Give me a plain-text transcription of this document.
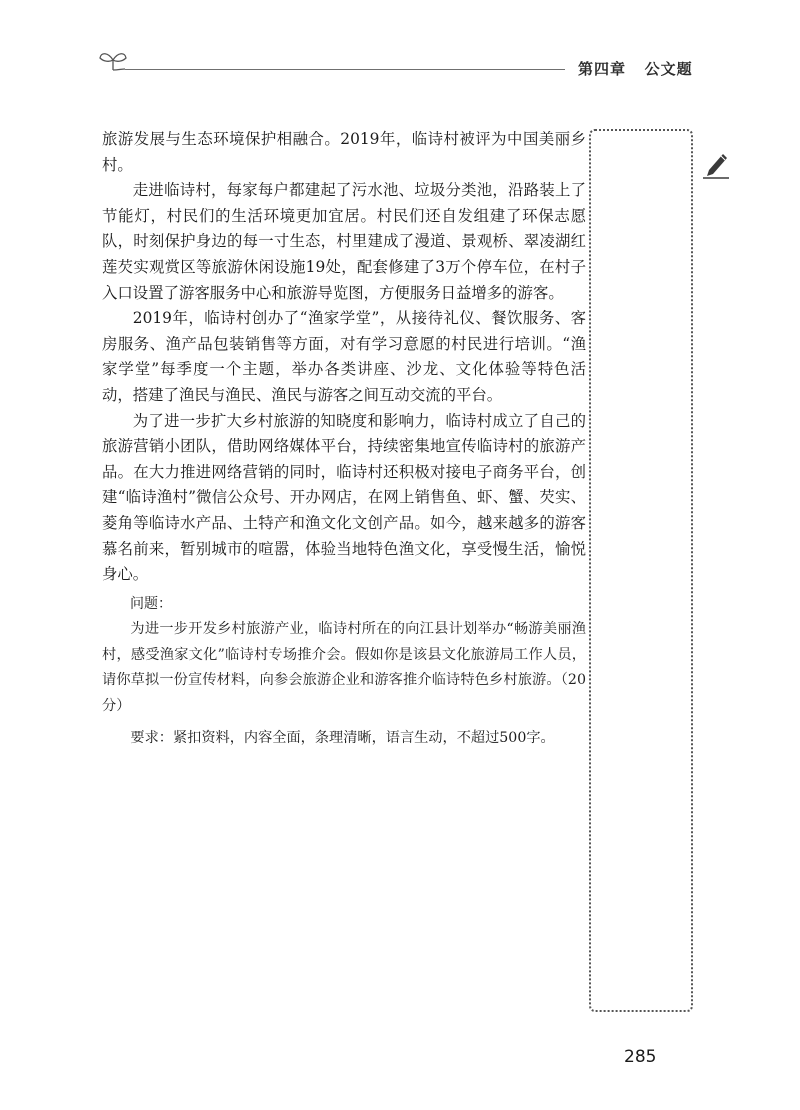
第四章   公文题

旅游发展与生态环境保护相融合。2019年，临诗村被评为中国美丽乡村。

走进临诗村，每家每户都建起了污水池、垃圾分类池，沿路装上了节能灯，村民们的生活环境更加宜居。村民们还自发组建了环保志愿队，时刻保护身边的每一寸生态，村里建成了漫道、景观桥、翠凌湖红莲芡实观赏区等旅游休闲设施19处，配套修建了3万个停车位，在村子入口设置了游客服务中心和旅游导览图，方便服务日益增多的游客。

2019年，临诗村创办了“渔家学堂”，从接待礼仪、餐饮服务、客房服务、渔产品包装销售等方面，对有学习意愿的村民进行培训。“渔家学堂”每季度一个主题，举办各类讲座、沙龙、文化体验等特色活动，搭建了渔民与渔民、渔民与游客之间互动交流的平台。

为了进一步扩大乡村旅游的知晓度和影响力，临诗村成立了自己的旅游营销小团队，借助网络媒体平台，持续密集地宣传临诗村的旅游产品。在大力推进网络营销的同时，临诗村还积极对接电子商务平台，创建“临诗渔村”微信公众号、开办网店，在网上销售鱼、虾、蟹、芡实、菱角等临诗水产品、土特产和渔文化文创产品。如今，越来越多的游客慕名前来，暂别城市的喧嚣，体验当地特色渔文化，享受慢生活，愉悦身心。

问题：

为进一步开发乡村旅游产业，临诗村所在的向江县计划举办“畅游美丽渔村，感受渔家文化”临诗村专场推介会。假如你是该县文化旅游局工作人员，请你草拟一份宣传材料，向参会旅游企业和游客推介临诗特色乡村旅游。（20分）

要求：紧扣资料，内容全面，条理清晰，语言生动，不超过500字。

285
